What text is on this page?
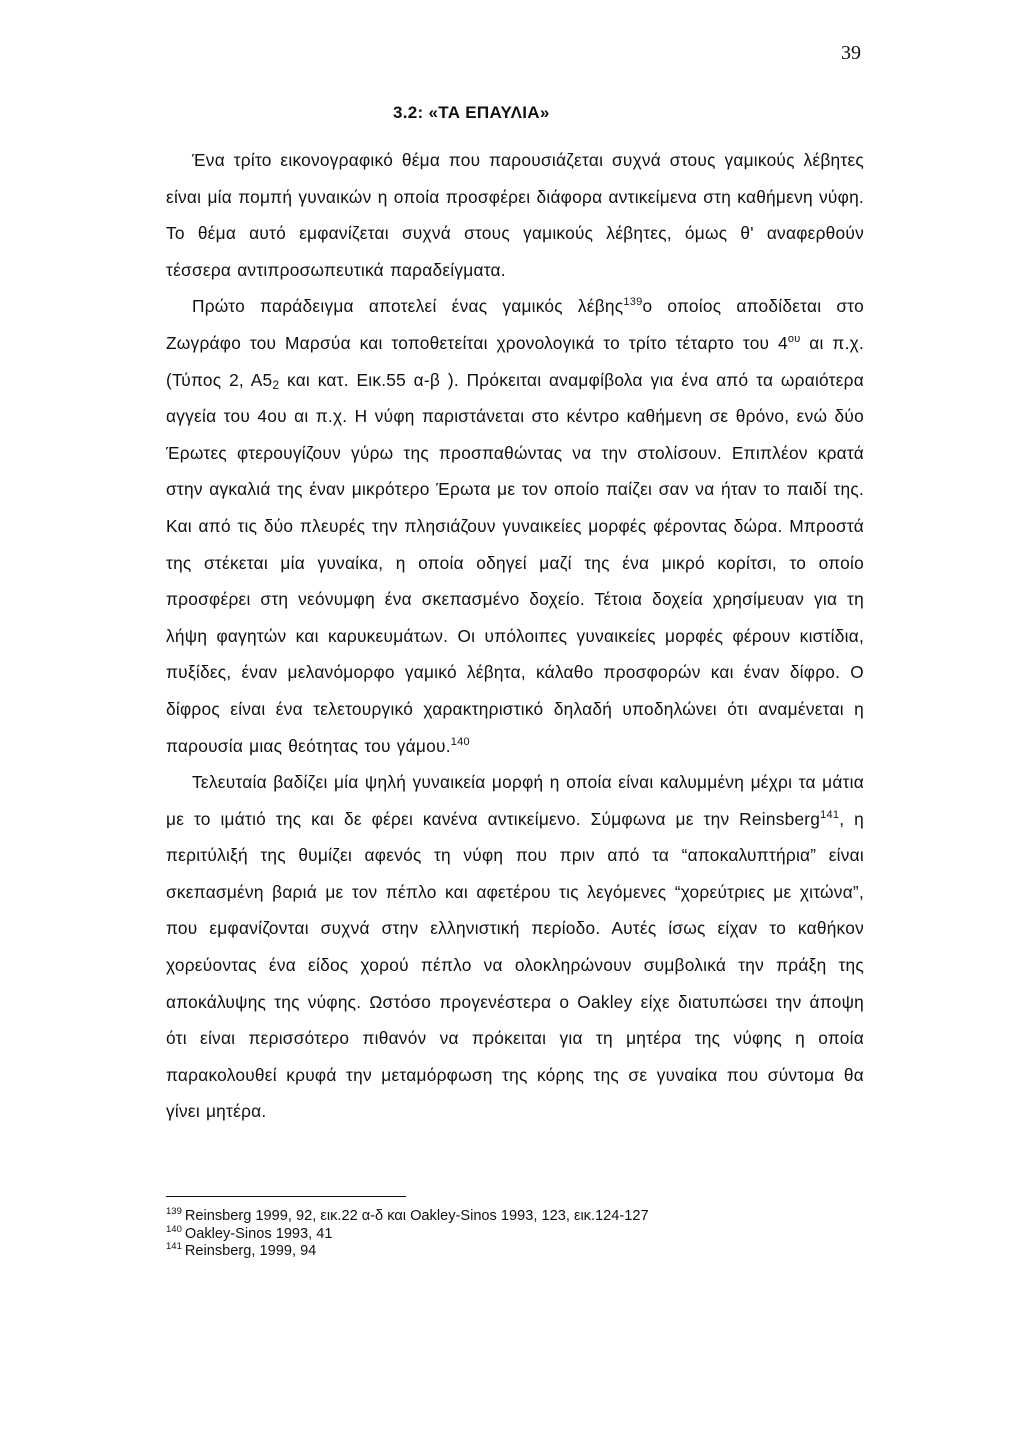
39
3.2: «ΤΑ ΕΠΑΥΛΙΑ»

Ένα τρίτο εικονογραφικό θέμα που παρουσιάζεται συχνά στους γαμικούς λέβητες είναι μία πομπή γυναικών η οποία προσφέρει διάφορα αντικείμενα στη καθήμενη νύφη. Το θέμα αυτό εμφανίζεται συχνά στους γαμικούς λέβητες, όμως θ' αναφερθούν τέσσερα αντιπροσωπευτικά παραδείγματα.

Πρώτο παράδειγμα αποτελεί ένας γαμικός λέβης$^{139}$ο οποίος αποδίδεται στο Ζωγράφο του Μαρσύα και τοποθετείται χρονολογικά το τρίτο τέταρτο του $4^{o\upsilon}$ αι π.χ.(Τύπος 2, $A5_2$ και κατ. Εικ.55 α-β ). Πρόκειται αναμφίβολα για ένα από τα ωραιότερα αγγεία του 4ου αι π.χ. Η νύφη παριστάνεται στο κέντρο καθήμενη σε θρόνο, ενώ δύο Έρωτες φτερουγίζουν γύρω της προσπαθώντας να την στολίσουν. Επιπλέον κρατά στην αγκαλιά της έναν μικρότερο Έρωτα με τον οποίο παίζει σαν να ήταν το παιδί της. Και από τις δύο πλευρές την πλησιάζουν γυναικείες μορφές φέροντας δώρα. Μπροστά της στέκεται μία γυναίκα, η οποία οδηγεί μαζί της ένα μικρό κορίτσι, το οποίο προσφέρει στη νεόνυμφη ένα σκεπασμένο δοχείο. Τέτοια δοχεία χρησίμευαν για τη λήψη φαγητών και καρυκευμάτων. Οι υπόλοιπες γυναικείες μορφές φέρουν κιστίδια, πυξίδες, έναν μελανόμορφο γαμικό λέβητα, κάλαθο προσφορών και έναν δίφρο. Ο δίφρος είναι ένα τελετουργικό χαρακτηριστικό δηλαδή υποδηλώνει ότι αναμένεται η παρουσία μιας θεότητας του γάμου.$^{140}$

Τελευταία βαδίζει μία ψηλή γυναικεία μορφή η οποία είναι καλυμμένη μέχρι τα μάτια με το ιμάτιό της και δε φέρει κανένα αντικείμενο. Σύμφωνα με την Reinsberg$^{141}$, η περιτύλιξή της θυμίζει αφενός τη νύφη που πριν από τα “αποκαλυπτήρια” είναι σκεπασμένη βαριά με τον πέπλο και αφετέρου τις λεγόμενες “χορεύτριες με χιτώνα”, που εμφανίζονται συχνά στην ελληνιστική περίοδο. Αυτές ίσως είχαν το καθήκον χορεύοντας ένα είδος χορού πέπλο να ολοκληρώνουν συμβολικά την πράξη της αποκάλυψης της νύφης. Ωστόσο προγενέστερα ο Oakley είχε διατυπώσει την άποψη ότι είναι περισσότερο πιθανόν να πρόκειται για τη μητέρα της νύφης η οποία παρακολουθεί κρυφά την μεταμόρφωση της κόρης της σε γυναίκα που σύντομα θα γίνει μητέρα.

$^{139}$ Reinsberg 1999, 92, εικ.22 α-δ και Oakley-Sinos 1993, 123, εικ.124-127
$^{140}$ Oakley-Sinos 1993, 41
$^{141}$ Reinsberg, 1999, 94
